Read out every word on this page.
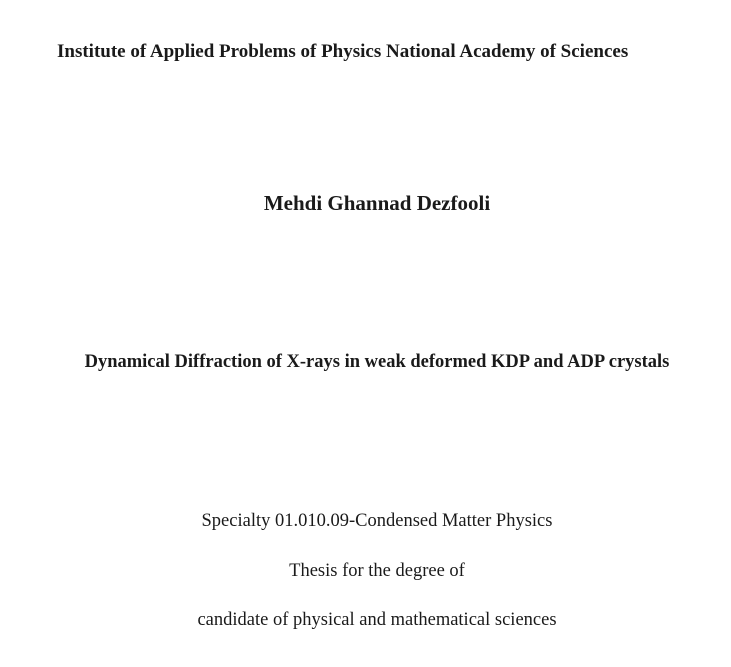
Institute of Applied Problems of Physics National Academy of Sciences
Mehdi Ghannad Dezfooli
Dynamical Diffraction of X-rays in weak deformed KDP and ADP crystals
Specialty 01.010.09-Condensed Matter Physics
Thesis for the degree of
candidate of physical and mathematical sciences
